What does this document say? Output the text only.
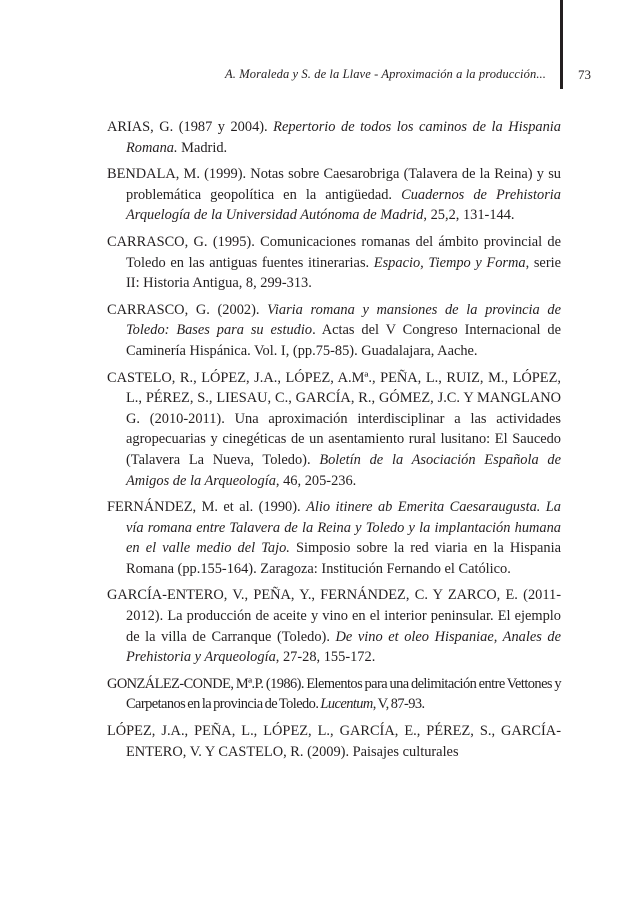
A. Moraleda y S. de la Llave - Aproximación a la producción... 73

ARIAS, G. (1987 y 2004). Repertorio de todos los caminos de la Hispania Romana. Madrid.

BENDALA, M. (1999). Notas sobre Caesarobriga (Talavera de la Reina) y su problemática geopolítica en la antigüedad. Cuadernos de Prehistoria Arquelogía de la Universidad Autónoma de Madrid, 25,2, 131-144.

CARRASCO, G. (1995). Comunicaciones romanas del ámbito provincial de Toledo en las antiguas fuentes itinerarias. Espacio, Tiempo y Forma, serie II: Historia Antigua, 8, 299-313.

CARRASCO, G. (2002). Viaria romana y mansiones de la provincia de Toledo: Bases para su estudio. Actas del V Congreso Internacional de Caminería Hispánica. Vol. I, (pp.75-85). Guadalajara, Aache.

CASTELO, R., LÓPEZ, J.A., LÓPEZ, A.Mª., PEÑA, L., RUIZ, M., LÓPEZ, L., PÉREZ, S., LIESAU, C., GARCÍA, R., GÓMEZ, J.C. Y MANGLANO G. (2010-2011). Una aproximación interdisciplinar a las actividades agropecuarias y cinegéticas de un asentamiento rural lusitano: El Saucedo (Talavera La Nueva, Toledo). Boletín de la Asociación Española de Amigos de la Arqueología, 46, 205-236.

FERNÁNDEZ, M. et al. (1990). Alio itinere ab Emerita Caesaraugusta. La vía romana entre Talavera de la Reina y Toledo y la implantación humana en el valle medio del Tajo. Simposio sobre la red viaria en la Hispania Romana (pp.155-164). Zaragoza: Institución Fernando el Católico.

GARCÍA-ENTERO, V., PEÑA, Y., FERNÁNDEZ, C. Y ZARCO, E. (2011-2012). La producción de aceite y vino en el interior peninsular. El ejemplo de la villa de Carranque (Toledo). De vino et oleo Hispaniae, Anales de Prehistoria y Arqueología, 27-28, 155-172.

GONZÁLEZ-CONDE, Mª.P. (1986). Elementos para una delimitación entre Vettones y Carpetanos en la provincia de Toledo. Lucentum, V, 87-93.

LÓPEZ, J.A., PEÑA, L., LÓPEZ, L., GARCÍA, E., PÉREZ, S., GARCÍA-ENTERO, V. Y CASTELO, R. (2009). Paisajes culturales
